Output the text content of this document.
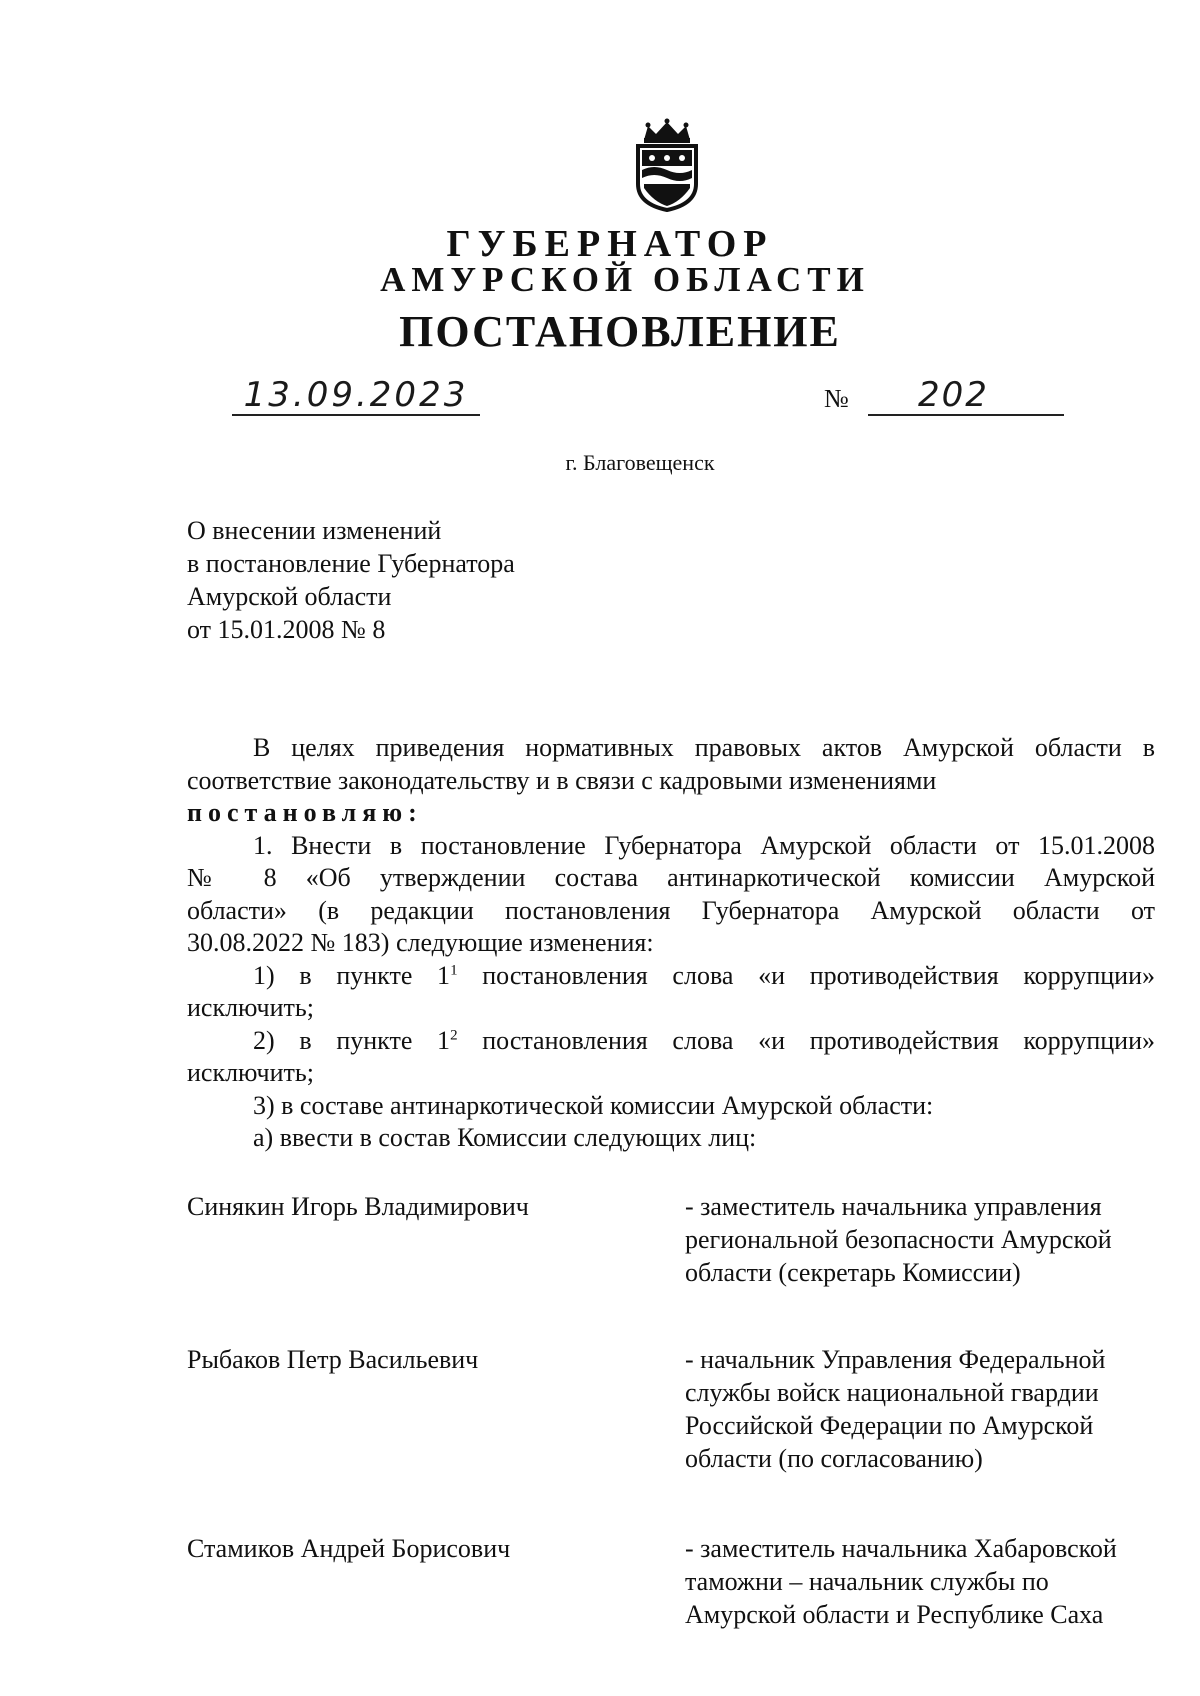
ГУБЕРНАТОР
АМУРСКОЙ ОБЛАСТИ
ПОСТАНОВЛЕНИЕ
13.09.2023	№	202
г. Благовещенск
О внесении изменений
в постановление Губернатора
Амурской области
от 15.01.2008 № 8

В целях приведения нормативных правовых актов Амурской области в

соответствие законодательству и в связи с кадровыми изменениями

постановляю:

1. Внести в постановление Губернатора Амурской области от 15.01.2008

№ 8 «Об утверждении состава антинаркотической комиссии Амурской

области» (в редакции постановления Губернатора Амурской области от

30.08.2022 № 183) следующие изменения:

1) в пункте $1^1$ постановления слова «и противодействия коррупции»

исключить;

2) в пункте $1^2$ постановления слова «и противодействия коррупции»

исключить;

3) в составе антинаркотической комиссии Амурской области:

а) ввести в состав Комиссии следующих лиц:

Синякин Игорь Владимирович	- заместитель начальника управления
региональной безопасности Амурской
области (секретарь Комиссии)
Рыбаков Петр Васильевич	- начальник Управления Федеральной
службы войск национальной гвардии
Российской Федерации по Амурской
области (по согласованию)
Стамиков Андрей Борисович	- заместитель начальника Хабаровской
таможни – начальник службы по
Амурской области и Республике Саха
